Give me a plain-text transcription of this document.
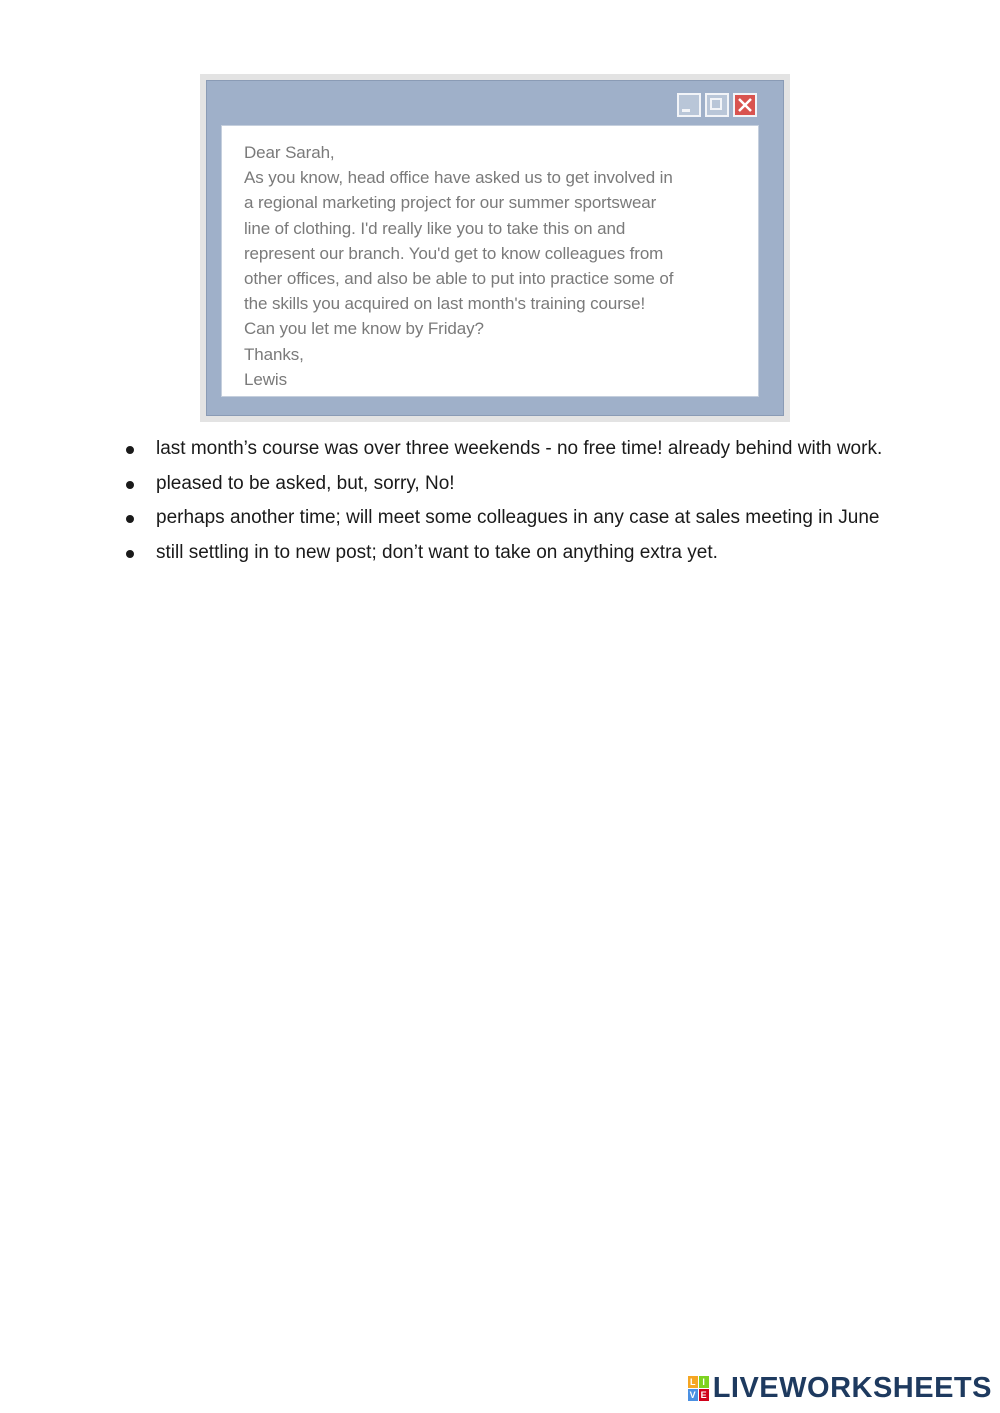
Dear Sarah,
As you know, head office have asked us to get involved in
a regional marketing project for our summer sportswear
line of clothing. I'd really like you to take this on and
represent our branch. You'd get to know colleagues from
other offices, and also be able to put into practice some of
the skills you acquired on last month's training course!
Can you let me know by Friday?
Thanks,
Lewis
last month’s course was over three weekends - no free time! already behind with work.
pleased to be asked, but, sorry, No!
perhaps another time; will meet some colleagues in any case at sales meeting in June
still settling in to new post; don’t want to take on anything extra yet.
L I
V E LIVEWORKSHEETS
